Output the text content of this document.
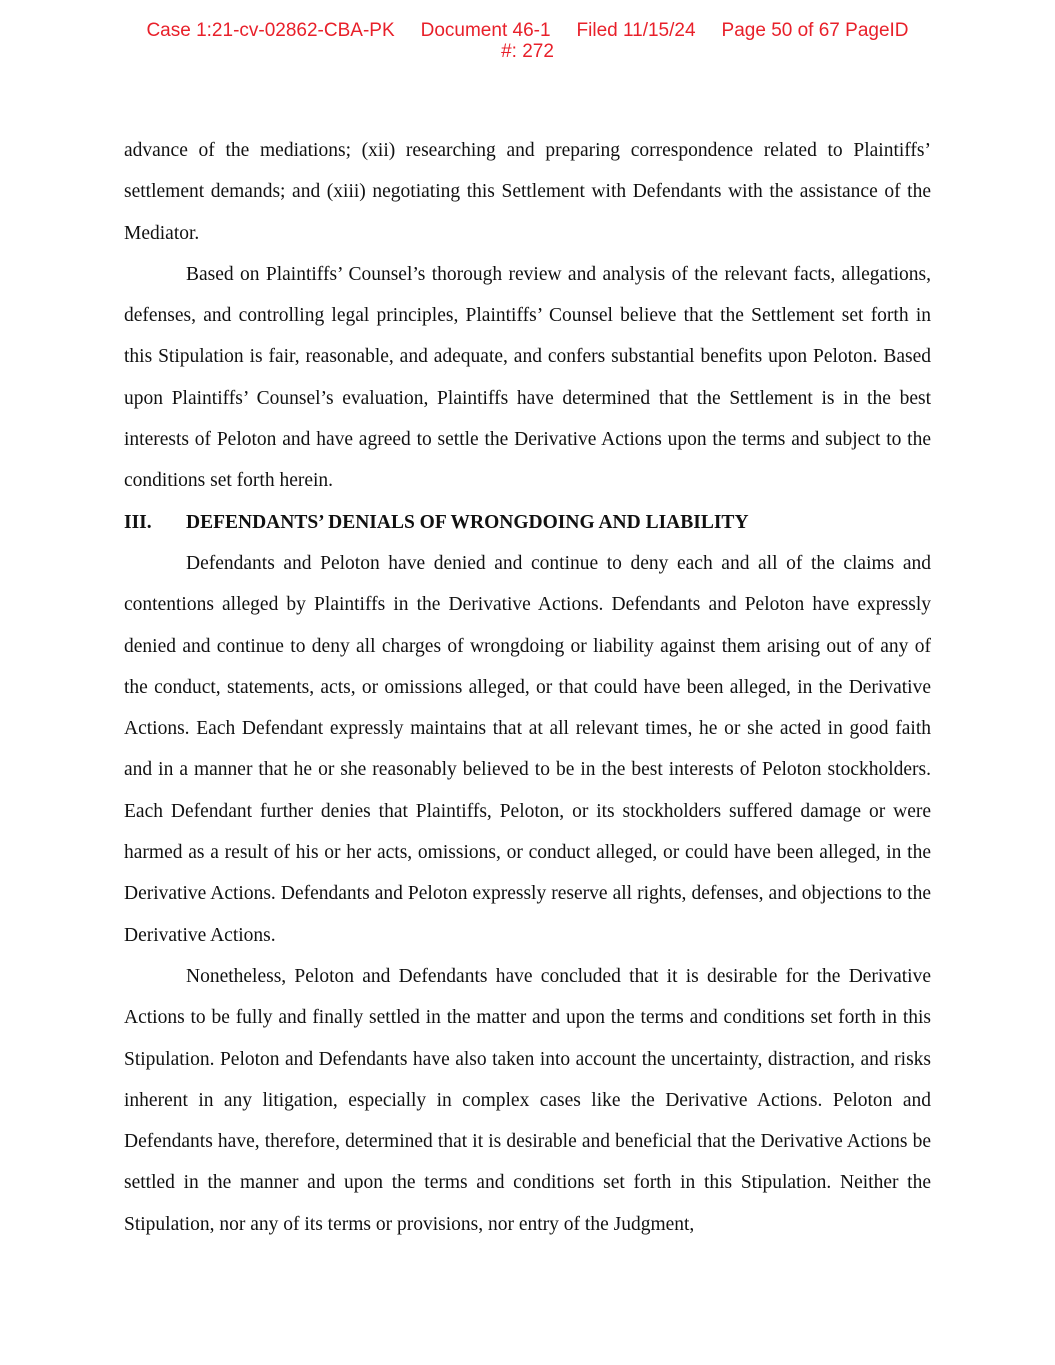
Case 1:21-cv-02862-CBA-PK Document 46-1 Filed 11/15/24 Page 50 of 67 PageID
#: 272

advance of the mediations; (xii) researching and preparing correspondence related to Plaintiffs’ settlement demands; and (xiii) negotiating this Settlement with Defendants with the assistance of the Mediator.

Based on Plaintiffs’ Counsel’s thorough review and analysis of the relevant facts, allegations, defenses, and controlling legal principles, Plaintiffs’ Counsel believe that the Settlement set forth in this Stipulation is fair, reasonable, and adequate, and confers substantial benefits upon Peloton. Based upon Plaintiffs’ Counsel’s evaluation, Plaintiffs have determined that the Settlement is in the best interests of Peloton and have agreed to settle the Derivative Actions upon the terms and subject to the conditions set forth herein.

III.	DEFENDANTS’ DENIALS OF WRONGDOING AND LIABILITY

Defendants and Peloton have denied and continue to deny each and all of the claims and contentions alleged by Plaintiffs in the Derivative Actions. Defendants and Peloton have expressly denied and continue to deny all charges of wrongdoing or liability against them arising out of any of the conduct, statements, acts, or omissions alleged, or that could have been alleged, in the Derivative Actions. Each Defendant expressly maintains that at all relevant times, he or she acted in good faith and in a manner that he or she reasonably believed to be in the best interests of Peloton stockholders. Each Defendant further denies that Plaintiffs, Peloton, or its stockholders suffered damage or were harmed as a result of his or her acts, omissions, or conduct alleged, or could have been alleged, in the Derivative Actions. Defendants and Peloton expressly reserve all rights, defenses, and objections to the Derivative Actions.

Nonetheless, Peloton and Defendants have concluded that it is desirable for the Derivative Actions to be fully and finally settled in the matter and upon the terms and conditions set forth in this Stipulation. Peloton and Defendants have also taken into account the uncertainty, distraction, and risks inherent in any litigation, especially in complex cases like the Derivative Actions. Peloton and Defendants have, therefore, determined that it is desirable and beneficial that the Derivative Actions be settled in the manner and upon the terms and conditions set forth in this Stipulation. Neither the Stipulation, nor any of its terms or provisions, nor entry of the Judgment,
